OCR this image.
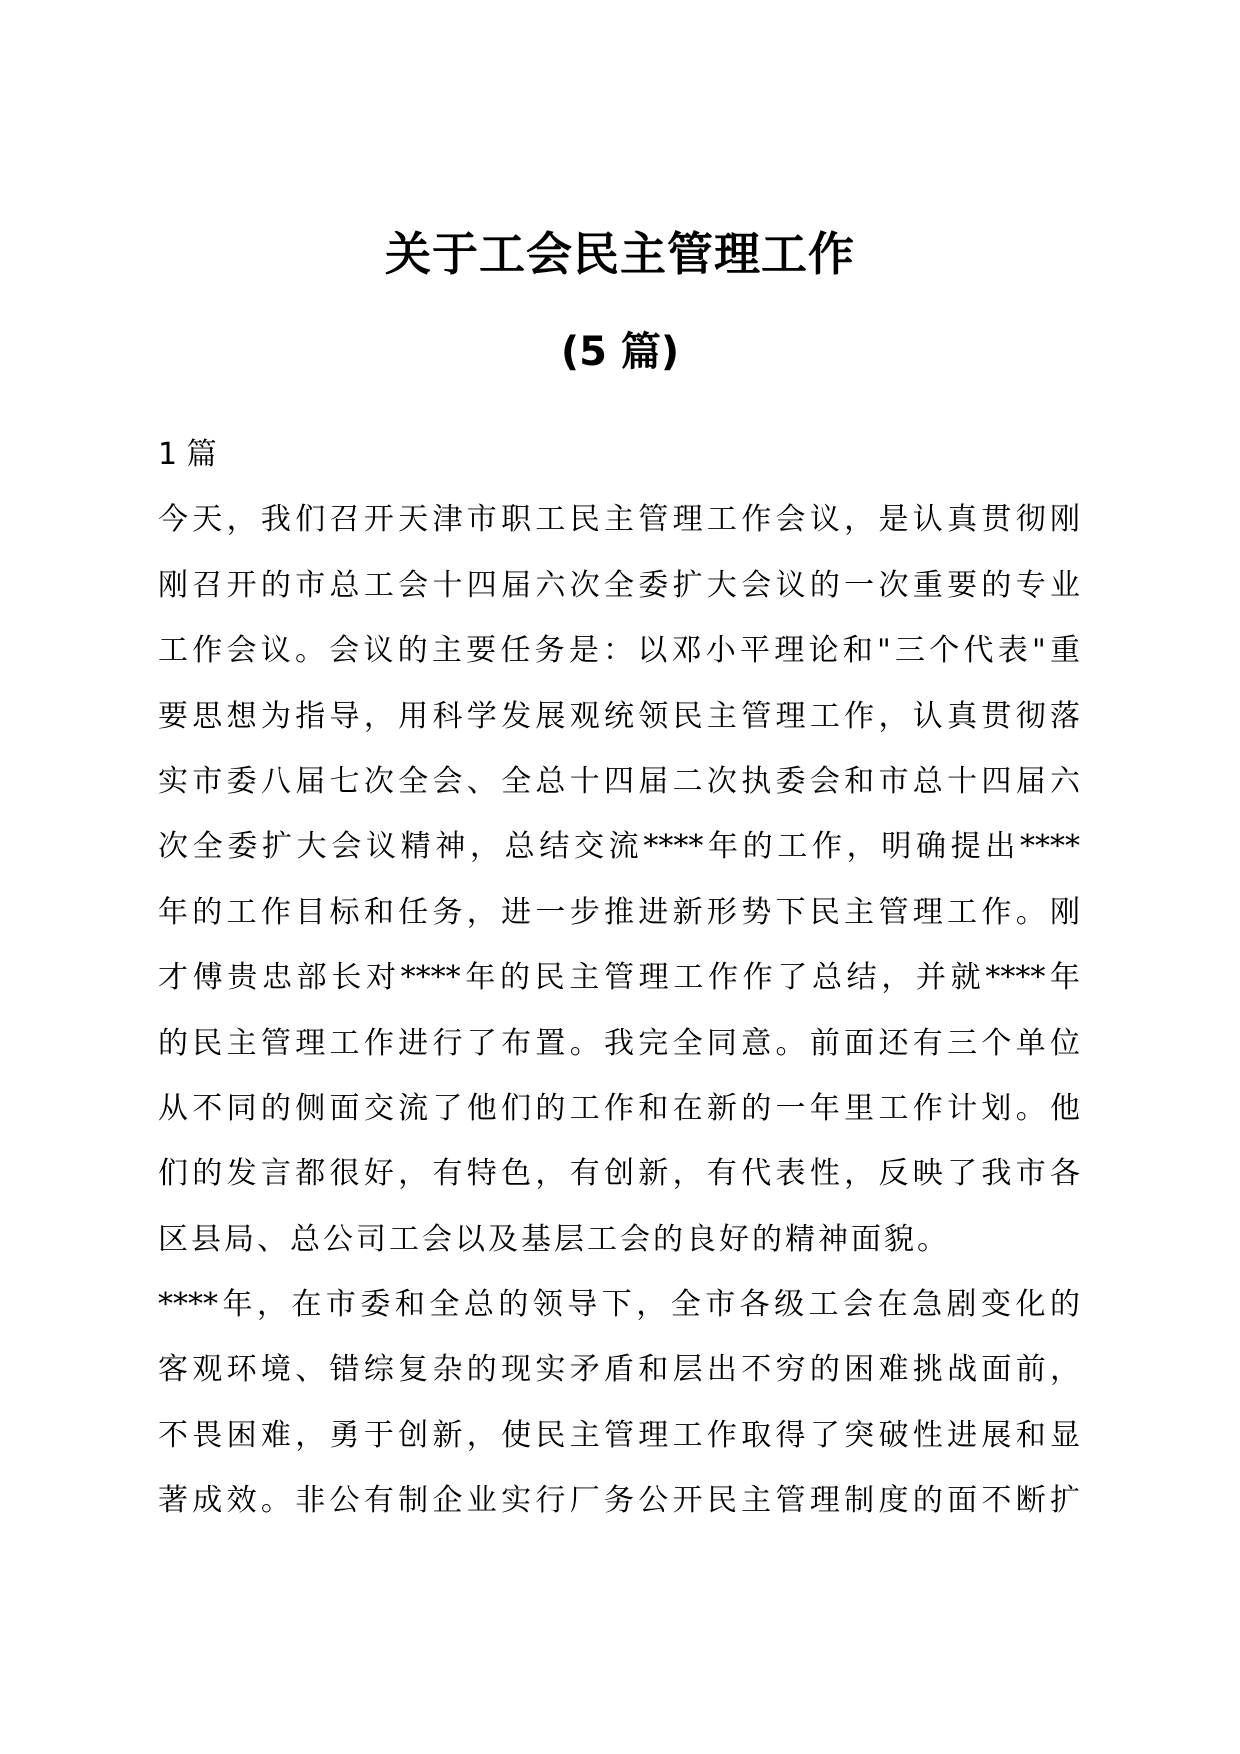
关于工会民主管理工作
(5 篇)
1 篇
今天，我们召开天津市职工民主管理工作会议，是认真贯彻刚
刚召开的市总工会十四届六次全委扩大会议的一次重要的专业
工作会议。会议的主要任务是：以邓小平理论和"三个代表"重
要思想为指导，用科学发展观统领民主管理工作，认真贯彻落
实市委八届七次全会、全总十四届二次执委会和市总十四届六
次全委扩大会议精神，总结交流****年的工作，明确提出****
年的工作目标和任务，进一步推进新形势下民主管理工作。刚
才傅贵忠部长对****年的民主管理工作作了总结，并就****年
的民主管理工作进行了布置。我完全同意。前面还有三个单位
从不同的侧面交流了他们的工作和在新的一年里工作计划。他
们的发言都很好，有特色，有创新，有代表性，反映了我市各
区县局、总公司工会以及基层工会的良好的精神面貌。
****年，在市委和全总的领导下，全市各级工会在急剧变化的
客观环境、错综复杂的现实矛盾和层出不穷的困难挑战面前，
不畏困难，勇于创新，使民主管理工作取得了突破性进展和显
著成效。非公有制企业实行厂务公开民主管理制度的面不断扩
